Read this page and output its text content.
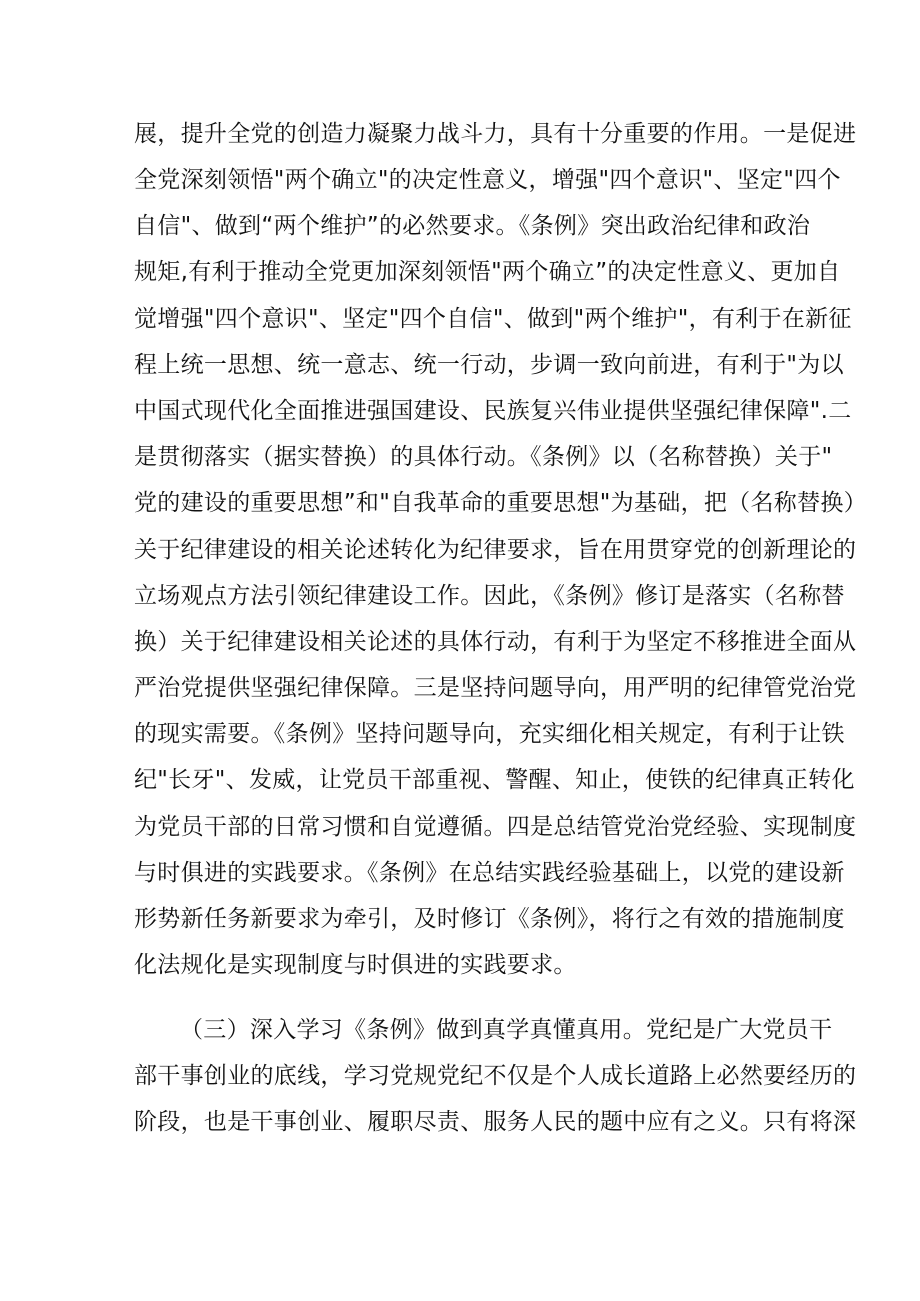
展，提升全党的创造力凝聚力战斗力，具有十分重要的作用。一是促进
全党深刻领悟"两个确立"的决定性意义，增强"四个意识"、坚定"四个
自信"、做到“两个维护”的必然要求。《条例》突出政治纪律和政治
规矩,有利于推动全党更加深刻领悟"两个确立”的决定性意义、更加自
觉增强"四个意识"、坚定"四个自信"、做到"两个维护"，有利于在新征
程上统一思想、统一意志、统一行动，步调一致向前进，有利于"为以
中国式现代化全面推进强国建设、民族复兴伟业提供坚强纪律保障".二
是贯彻落实（据实替换）的具体行动。《条例》以（名称替换）关于"
党的建设的重要思想”和"自我革命的重要思想"为基础，把（名称替换）
关于纪律建设的相关论述转化为纪律要求，旨在用贯穿党的创新理论的
立场观点方法引领纪律建设工作。因此，《条例》修订是落实（名称替
换）关于纪律建设相关论述的具体行动，有利于为坚定不移推进全面从
严治党提供坚强纪律保障。三是坚持问题导向，用严明的纪律管党治党
的现实需要。《条例》坚持问题导向，充实细化相关规定，有利于让铁
纪"长牙"、发威，让党员干部重视、警醒、知止，使铁的纪律真正转化
为党员干部的日常习惯和自觉遵循。四是总结管党治党经验、实现制度
与时俱进的实践要求。《条例》在总结实践经验基础上，以党的建设新
形势新任务新要求为牵引，及时修订《条例》，将行之有效的措施制度
化法规化是实现制度与时俱进的实践要求。
（三）深入学习《条例》做到真学真懂真用。党纪是广大党员干
部干事创业的底线，学习党规党纪不仅是个人成长道路上必然要经历的
阶段，也是干事创业、履职尽责、服务人民的题中应有之义。只有将深
